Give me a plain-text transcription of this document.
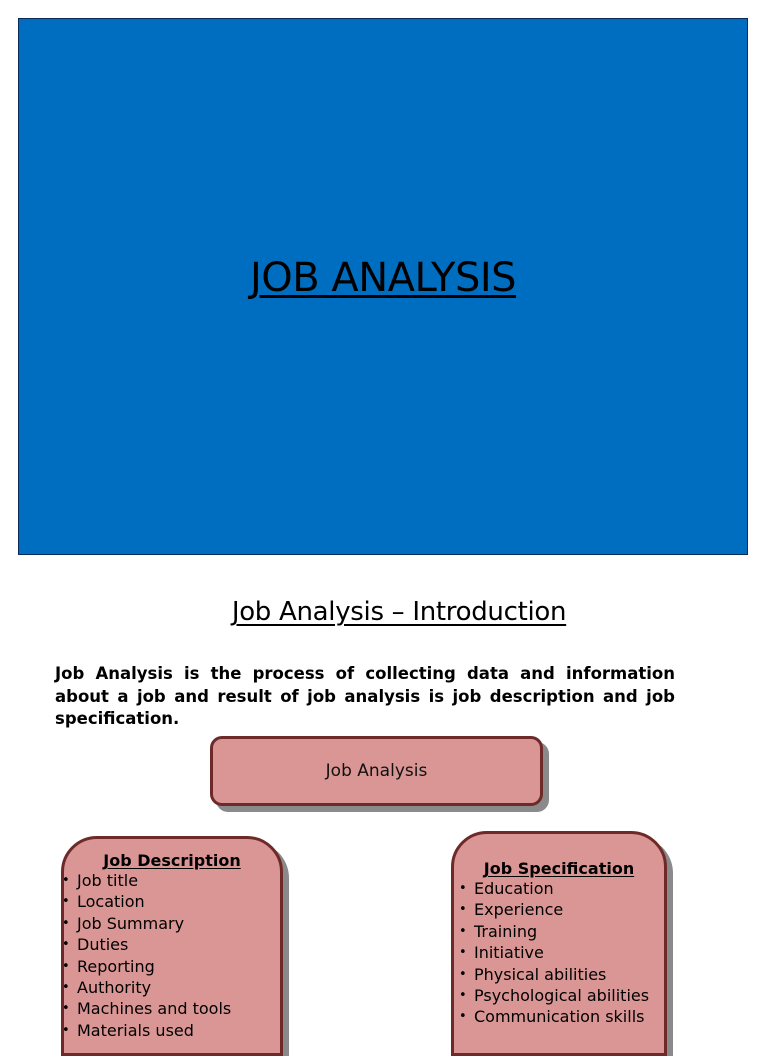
JOB ANALYSIS
Job Analysis – Introduction

Job Analysis is the process of collecting data and information about a job and result of job analysis is job description and job specification.

Job Analysis
Job Description
• Job title
• Location
• Job Summary
• Duties
• Reporting
• Authority
• Machines and tools
• Materials used
Job Specification
• Education
• Experience
• Training
• Initiative
• Physical abilities
• Psychological abilities
• Communication skills
